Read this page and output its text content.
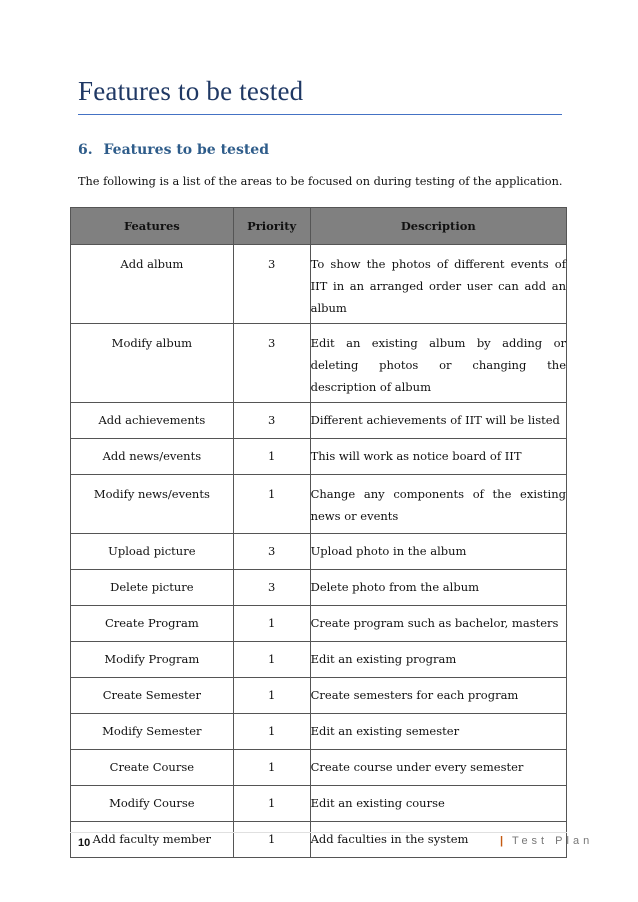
Features to be tested
6. Features to be tested
The following is a list of the areas to be focused on during testing of the application.
Features	Priority	Description
Add album	3	To show the photos of different events of IIT in an arranged order user can add an album
Modify album	3	Edit an existing album by adding or deleting photos or changing the description of album
Add achievements	3	Different achievements of IIT will be listed
Add news/events	1	This will work as notice board of IIT
Modify news/events	1	Change any components of the existing news or events
Upload picture	3	Upload photo in the album
Delete picture	3	Delete photo from the album
Create Program	1	Create program such as bachelor, masters
Modify Program	1	Edit an existing program
Create Semester	1	Create semesters for each program
Modify Semester	1	Edit an existing semester
Create Course	1	Create course under every semester
Modify Course	1	Edit an existing course
Add faculty member	1	Add faculties in the system
10	| Test Plan
